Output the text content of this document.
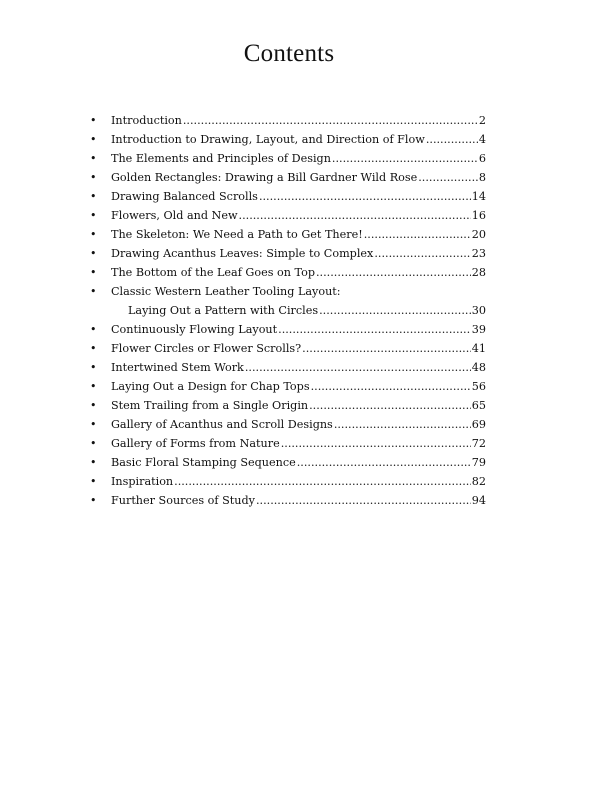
Contents
•	Introduction .....	2
•	Introduction to Drawing, Layout, and Direction of Flow .....	4
•	The Elements and Principles of Design .....	6
•	Golden Rectangles: Drawing a Bill Gardner Wild Rose .....	8
•	Drawing Balanced Scrolls .....	14
•	Flowers, Old and New .....	16
•	The Skeleton: We Need a Path to Get There! .....	20
•	Drawing Acanthus Leaves: Simple to Complex .....	23
•	The Bottom of the Leaf Goes on Top .....	28
•	Classic Western Leather Tooling Layout:
Laying Out a Pattern with Circles .....	30
•	Continuously Flowing Layout .....	39
•	Flower Circles or Flower Scrolls? .....	41
•	Intertwined Stem Work .....	48
•	Laying Out a Design for Chap Tops .....	56
•	Stem Trailing from a Single Origin .....	65
•	Gallery of Acanthus and Scroll Designs .....	69
•	Gallery of Forms from Nature .....	72
•	Basic Floral Stamping Sequence .....	79
•	Inspiration .....	82
•	Further Sources of Study .....	94
